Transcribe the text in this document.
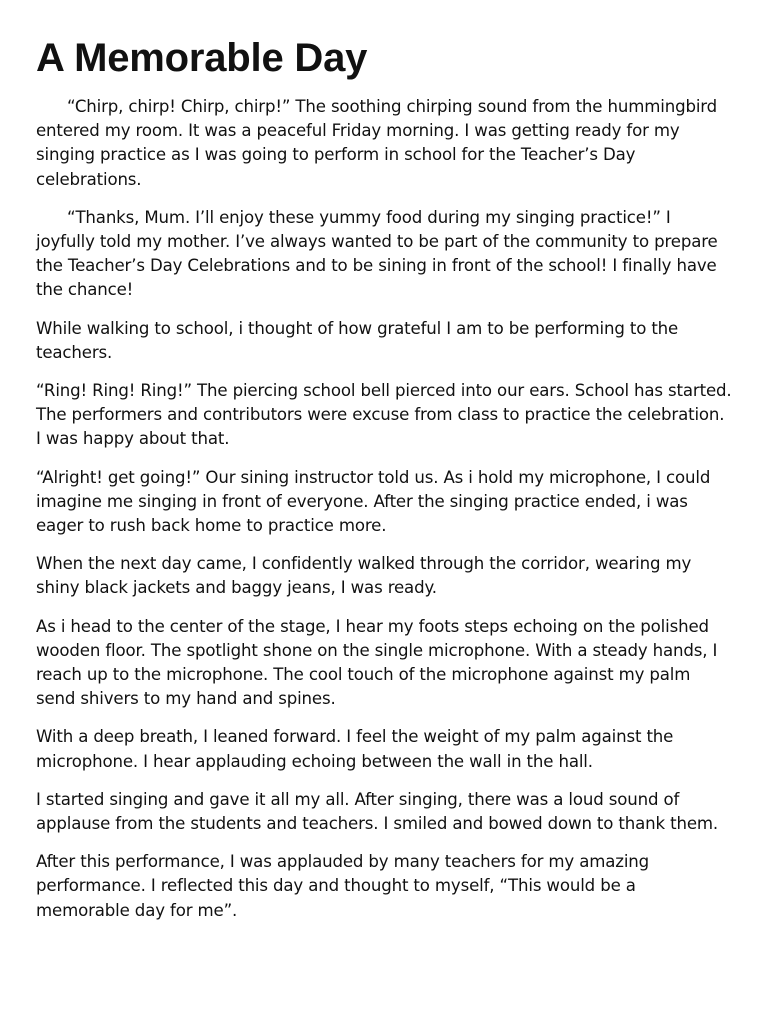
A Memorable Day

“Chirp, chirp! Chirp, chirp!” The soothing chirping sound from the hummingbird entered my room. It was a peaceful Friday morning. I was getting ready for my singing practice as I was going to perform in school for the Teacher’s Day celebrations.

“Thanks, Mum. I’ll enjoy these yummy food during my singing practice!” I joyfully told my mother. I’ve always wanted to be part of the community to prepare the Teacher’s Day Celebrations and to be sining in front of the school! I finally have the chance!

While walking to school, i thought of how grateful I am to be performing to the teachers.

“Ring! Ring! Ring!” The piercing school bell pierced into our ears. School has started. The performers and contributors were excuse from class to practice the celebration. I was happy about that.

“Alright! get going!” Our sining instructor told us. As i hold my microphone, I could imagine me singing in front of everyone. After the singing practice ended, i was eager to rush back home to practice more.

When the next day came, I confidently walked through the corridor, wearing my shiny black jackets and baggy jeans, I was ready.

As i head to the center of the stage, I hear my foots steps echoing on the polished wooden floor. The spotlight shone on the single microphone. With a steady hands, I reach up to the microphone. The cool touch of the microphone against my palm send shivers to my hand and spines.

With a deep breath, I leaned forward. I feel the weight of my palm against the microphone. I hear applauding echoing between the wall in the hall.

I started singing and gave it all my all. After singing, there was a loud sound of applause from the students and teachers. I smiled and bowed down to thank them.

After this performance, I was applauded by many teachers for my amazing performance. I reflected this day and thought to myself, “This would be a memorable day for me”.
